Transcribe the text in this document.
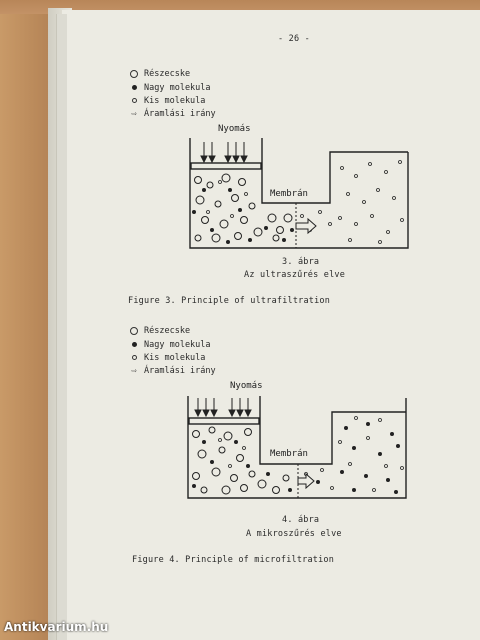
- 26 -
Részecske
Nagy molekula
Kis molekula
⇨ Áramlási irány
Nyomás
Membrán
3. ábra
Az ultraszűrés elve
Figure 3. Principle of ultrafiltration
Részecske
Nagy molekula
Kis molekula
⇨ Áramlási irány
Nyomás
Membrán
4. ábra
A mikroszűrés elve
Figure 4. Principle of microfiltration
Antikvarium.hu
